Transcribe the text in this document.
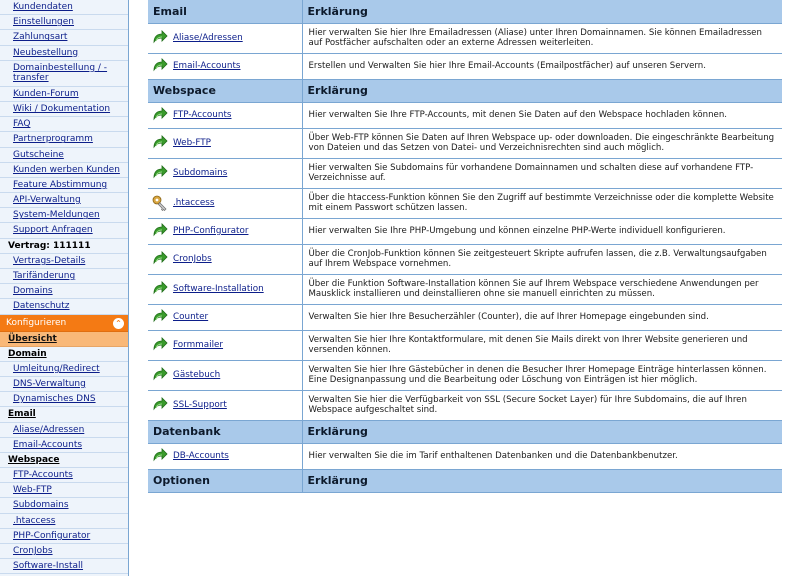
Kundendaten
Einstellungen
Zahlungsart
Neubestellung
Domainbestellung / -transfer
Kunden-Forum
Wiki / Dokumentation
FAQ
Partnerprogramm
Gutscheine
Kunden werben Kunden
Feature Abstimmung
API-Verwaltung
System-Meldungen
Support Anfragen
Vertrag: 111111
Vertrags-Details
Tarifänderung
Domains
Datenschutz
Konfigurieren	⌃
Übersicht
Domain
Umleitung/Redirect
DNS-Verwaltung
Dynamisches DNS
Email
Aliase/Adressen
Email-Accounts
Webspace
FTP-Accounts
Web-FTP
Subdomains
.htaccess
PHP-Configurator
CronJobs
Software-Install
Email	Erklärung
Aliase/Adressen	Hier verwalten Sie hier Ihre Emailadressen (Aliase) unter Ihren Domainnamen. Sie können Emailadressen auf Postfächer aufschalten oder an externe Adressen weiterleiten.
Email-Accounts	Erstellen und Verwalten Sie hier Ihre Email-Accounts (Emailpostfächer) auf unseren Servern.
Webspace	Erklärung
FTP-Accounts	Hier verwalten Sie Ihre FTP-Accounts, mit denen Sie Daten auf den Webspace hochladen können.
Web-FTP	Über Web-FTP können Sie Daten auf Ihren Webspace up- oder downloaden. Die eingeschränkte Bearbeitung von Dateien und das Setzen von Datei- und Verzeichnisrechten sind auch möglich.
Subdomains	Hier verwalten Sie Subdomains für vorhandene Domainnamen und schalten diese auf vorhandene FTP-Verzeichnisse auf.
.htaccess	Über die htaccess-Funktion können Sie den Zugriff auf bestimmte Verzeichnisse oder die komplette Website mit einem Passwort schützen lassen.
PHP-Configurator	Hier verwalten Sie Ihre PHP-Umgebung und können einzelne PHP-Werte individuell konfigurieren.
CronJobs	Über die CronJob-Funktion können Sie zeitgesteuert Skripte aufrufen lassen, die z.B. Verwaltungsaufgaben auf Ihrem Webspace vornehmen.
Software-Installation	Über die Funktion Software-Installation können Sie auf Ihrem Webspace verschiedene Anwendungen per Mausklick installieren und deinstallieren ohne sie manuell einrichten zu müssen.
Counter	Verwalten Sie hier Ihre Besucherzähler (Counter), die auf Ihrer Homepage eingebunden sind.
Formmailer	Verwalten Sie hier Ihre Kontaktformulare, mit denen Sie Mails direkt von Ihrer Website generieren und versenden können.
Gästebuch	Verwalten Sie hier Ihre Gästebücher in denen die Besucher Ihrer Homepage Einträge hinterlassen können. Eine Designanpassung und die Bearbeitung oder Löschung von Einträgen ist hier möglich.
SSL-Support	Verwalten Sie hier die Verfügbarkeit von SSL (Secure Socket Layer) für Ihre Subdomains, die auf Ihren Webspace aufgeschaltet sind.
Datenbank	Erklärung
DB-Accounts	Hier verwalten Sie die im Tarif enthaltenen Datenbanken und die Datenbankbenutzer.
Optionen	Erklärung
